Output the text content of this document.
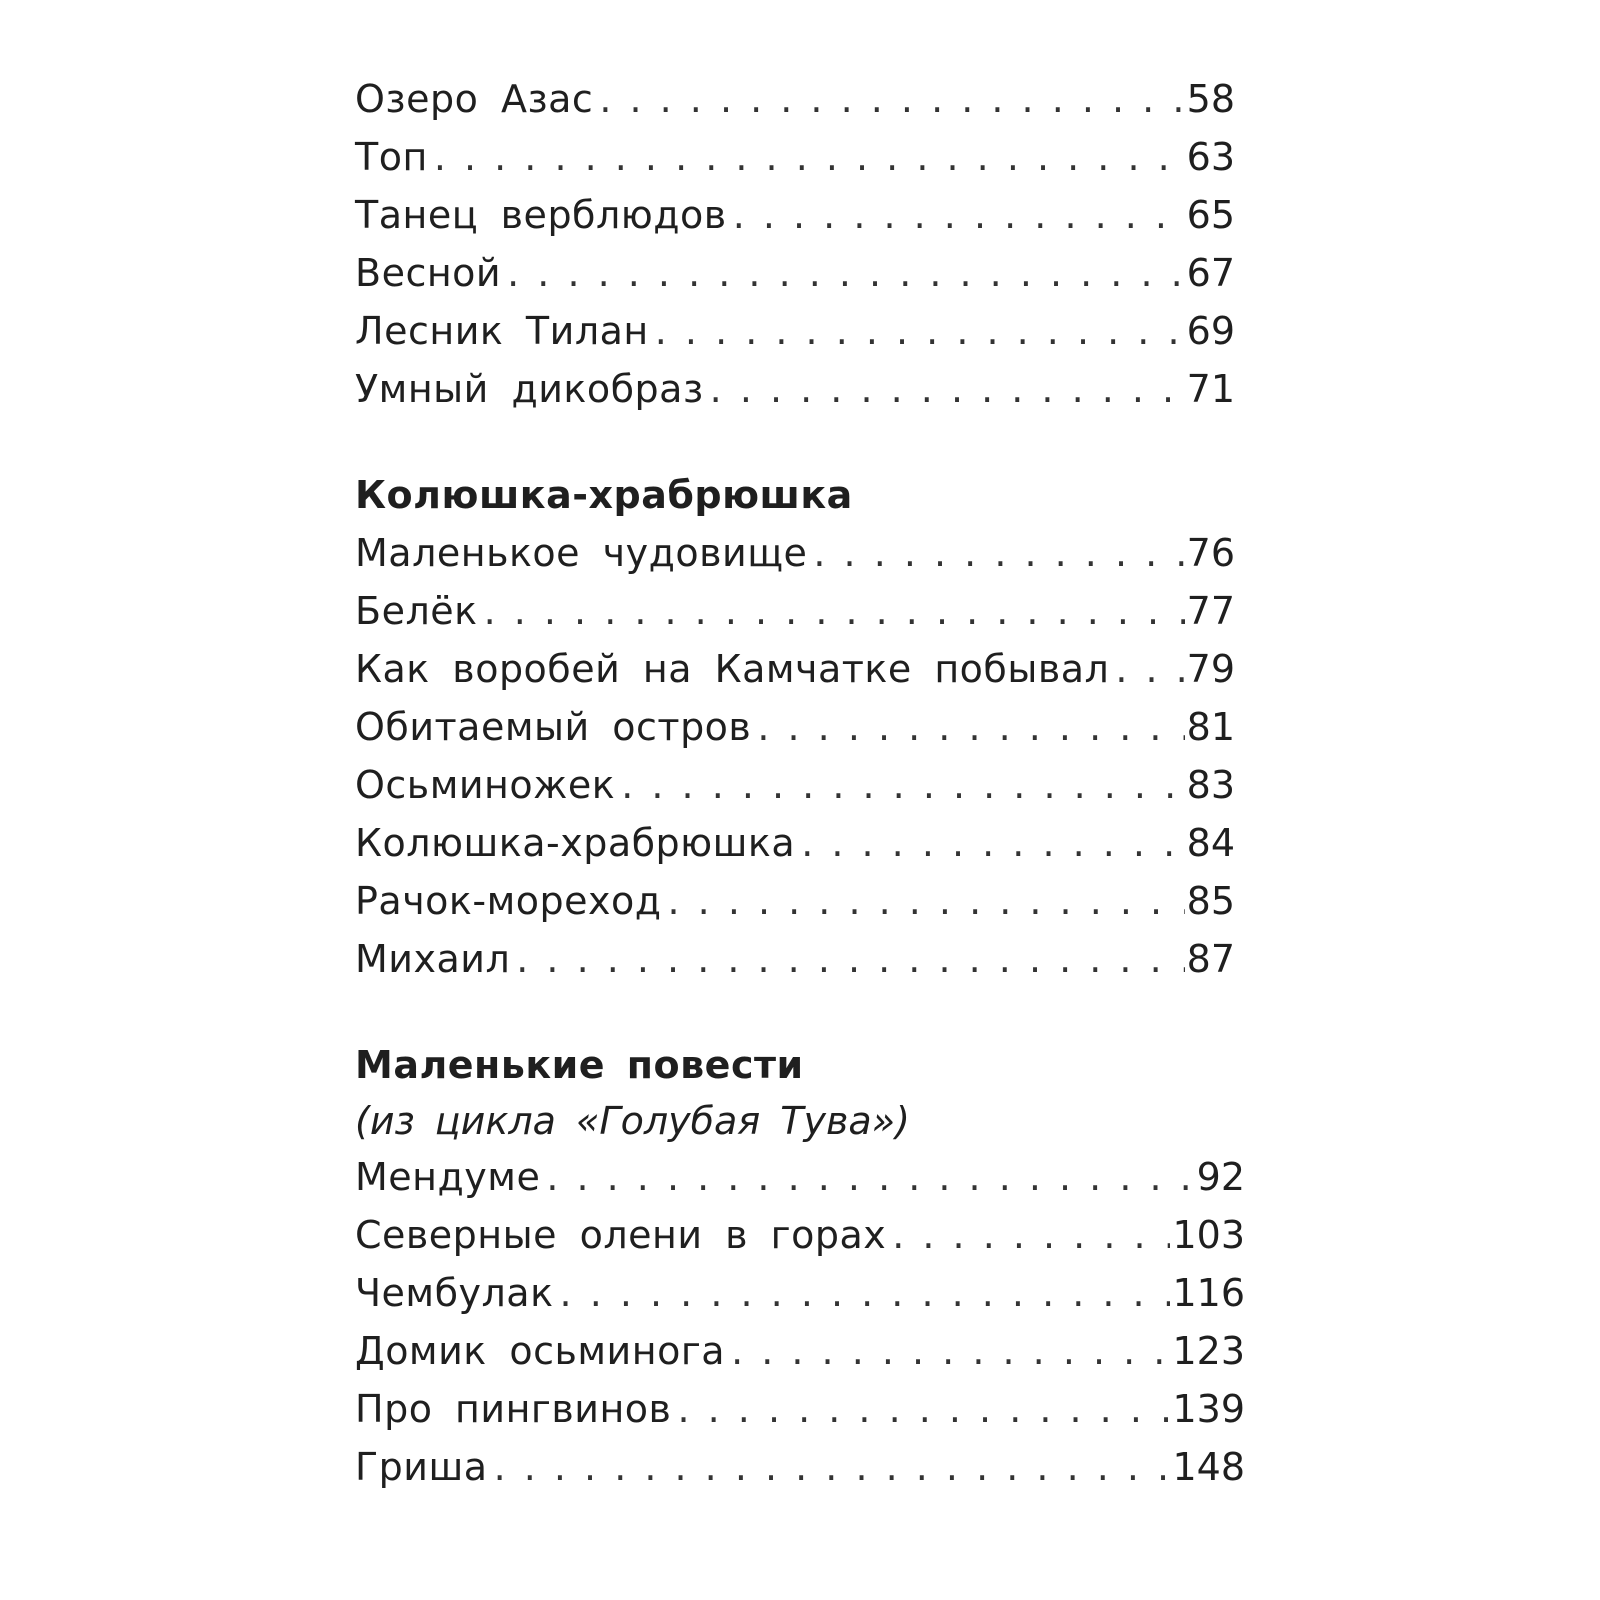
Озеро Азас . . .	58
Топ . . .	63
Танец верблюдов . . .	65
Весной . . .	67
Лесник Тилан . . .	69
Умный дикобраз . . .	71
Колюшка-храбрюшка
Маленькое чудовище . . .	76
Белёк . . .	77
Как воробей на Камчатке побывал . . . 79
Обитаемый остров . . .	81
Осьминожек . . .	83
Колюшка-храбрюшка . . .	84
Рачок-мореход . . .	85
Михаил . . .	87
Маленькие повести
(из цикла «Голубая Тува»)
Мендуме . . .	92
Северные олени в горах . . .	103
Чембулак . . .	116
Домик осьминога . . .	123
Про пингвинов . . .	139
Гриша . . .	148
